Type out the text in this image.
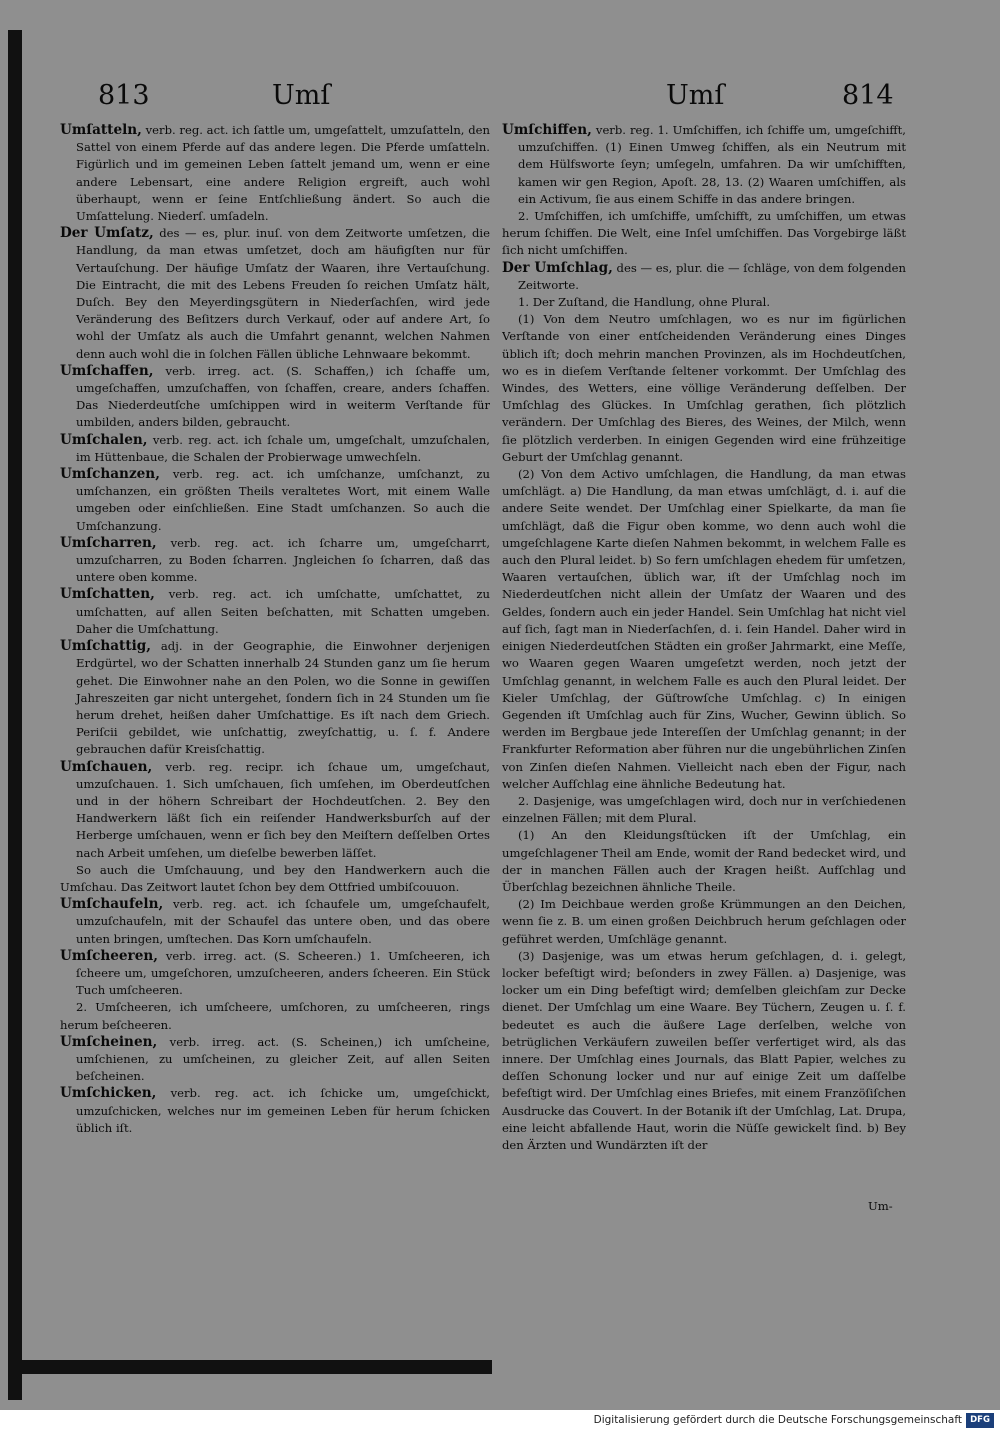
813	Umſ	Umſ	814

Umſatteln, verb. reg. act. ich ſattle um, umgeſattelt, umzuſatteln, den Sattel von einem Pferde auf das andere legen. Die Pferde umſatteln. Figürlich und im gemeinen Leben ſattelt jemand um, wenn er eine andere Lebensart, eine andere Religion ergreift, auch wohl überhaupt, wenn er ſeine Entſchließung ändert. So auch die Umſattelung. Niederſ. umſadeln.

Der Umſatz, des — es, plur. inuſ. von dem Zeitworte umſetzen, die Handlung, da man etwas umſetzet, doch am häufigſten nur für Vertauſchung. Der häufige Umſatz der Waaren, ihre Vertauſchung. Die Eintracht, die mit des Lebens Freuden ſo reichen Umſatz hält, Duſch. Bey den Meyerdingsgütern in Niederſachſen, wird jede Veränderung des Beſitzers durch Verkauf, oder auf andere Art, ſo wohl der Umſatz als auch die Umfahrt genannt, welchen Nahmen denn auch wohl die in ſolchen Fällen übliche Lehnwaare bekommt.

Umſchaffen, verb. irreg. act. (S. Schaffen,) ich ſchaffe um, umgeſchaffen, umzuſchaffen, von ſchaffen, creare, anders ſchaffen. Das Niederdeutſche umſchippen wird in weiterm Verſtande für umbilden, anders bilden, gebraucht.

Umſchalen, verb. reg. act. ich ſchale um, umgeſchalt, umzuſchalen, im Hüttenbaue, die Schalen der Probierwage umwechſeln.

Umſchanzen, verb. reg. act. ich umſchanze, umſchanzt, zu umſchanzen, ein größten Theils veraltetes Wort, mit einem Walle umgeben oder einſchließen. Eine Stadt umſchanzen. So auch die Umſchanzung.

Umſcharren, verb. reg. act. ich ſcharre um, umgeſcharrt, umzuſcharren, zu Boden ſcharren. Jngleichen ſo ſcharren, daß das untere oben komme.

Umſchatten, verb. reg. act. ich umſchatte, umſchattet, zu umſchatten, auf allen Seiten beſchatten, mit Schatten umgeben. Daher die Umſchattung.

Umſchattig, adj. in der Geographie, die Einwohner derjenigen Erdgürtel, wo der Schatten innerhalb 24 Stunden ganz um ſie herum gehet. Die Einwohner nahe an den Polen, wo die Sonne in gewiſſen Jahreszeiten gar nicht untergehet, ſondern ſich in 24 Stunden um ſie herum drehet, heißen daher Umſchattige. Es iſt nach dem Griech. Periſcii gebildet, wie unſchattig, zweyſchattig, u. ſ. f. Andere gebrauchen dafür Kreisſchattig.

Umſchauen, verb. reg. recipr. ich ſchaue um, umgeſchaut, umzuſchauen. 1. Sich umſchauen, ſich umſehen, im Oberdeutſchen und in der höhern Schreibart der Hochdeutſchen. 2. Bey den Handwerkern läßt ſich ein reiſender Handwerksburſch auf der Herberge umſchauen, wenn er ſich bey den Meiſtern deſſelben Ortes nach Arbeit umſehen, um dieſelbe bewerben läſſet.

So auch die Umſchauung, und bey den Handwerkern auch die Umſchau. Das Zeitwort lautet ſchon bey dem Ottfried umbiſcouuon.

Umſchaufeln, verb. reg. act. ich ſchaufele um, umgeſchaufelt, umzuſchaufeln, mit der Schaufel das untere oben, und das obere unten bringen, umſtechen. Das Korn umſchaufeln.

Umſcheeren, verb. irreg. act. (S. Scheeren.) 1. Umſcheeren, ich ſcheere um, umgeſchoren, umzuſcheeren, anders ſcheeren. Ein Stück Tuch umſcheeren.

2. Umſcheeren, ich umſcheere, umſchoren, zu umſcheeren, rings herum beſcheeren.

Umſcheinen, verb. irreg. act. (S. Scheinen,) ich umſcheine, umſchienen, zu umſcheinen, zu gleicher Zeit, auf allen Seiten beſcheinen.

Umſchicken, verb. reg. act. ich ſchicke um, umgeſchickt, umzuſchicken, welches nur im gemeinen Leben für herum ſchicken üblich iſt.

Umſchiffen, verb. reg. 1. Umſchiffen, ich ſchiffe um, umgeſchifft, umzuſchiffen. (1) Einen Umweg ſchiffen, als ein Neutrum mit dem Hülfsworte ſeyn; umſegeln, umfahren. Da wir umſchifften, kamen wir gen Region, Apoſt. 28, 13. (2) Waaren umſchiffen, als ein Activum, ſie aus einem Schiffe in das andere bringen.

2. Umſchiffen, ich umſchiffe, umſchifft, zu umſchiffen, um etwas herum ſchiffen. Die Welt, eine Inſel umſchiffen. Das Vorgebirge läßt ſich nicht umſchiffen.

Der Umſchlag, des — es, plur. die — ſchläge, von dem folgenden Zeitworte.

1. Der Zuſtand, die Handlung, ohne Plural.

(1) Von dem Neutro umſchlagen, wo es nur im figürlichen Verſtande von einer entſcheidenden Veränderung eines Dinges üblich iſt; doch mehrin manchen Provinzen, als im Hochdeutſchen, wo es in dieſem Verſtande ſeltener vorkommt. Der Umſchlag des Windes, des Wetters, eine völlige Veränderung deſſelben. Der Umſchlag des Glückes. In Umſchlag gerathen, ſich plötzlich verändern. Der Umſchlag des Bieres, des Weines, der Milch, wenn ſie plötzlich verderben. In einigen Gegenden wird eine frühzeitige Geburt der Umſchlag genannt.

(2) Von dem Activo umſchlagen, die Handlung, da man etwas umſchlägt. a) Die Handlung, da man etwas umſchlägt, d. i. auf die andere Seite wendet. Der Umſchlag einer Spielkarte, da man ſie umſchlägt, daß die Figur oben komme, wo denn auch wohl die umgeſchlagene Karte dieſen Nahmen bekommt, in welchem Falle es auch den Plural leidet. b) So fern umſchlagen ehedem für umſetzen, Waaren vertauſchen, üblich war, iſt der Umſchlag noch im Niederdeutſchen nicht allein der Umſatz der Waaren und des Geldes, ſondern auch ein jeder Handel. Sein Umſchlag hat nicht viel auf ſich, ſagt man in Niederſachſen, d. i. ſein Handel. Daher wird in einigen Niederdeutſchen Städten ein großer Jahrmarkt, eine Meſſe, wo Waaren gegen Waaren umgeſetzt werden, noch jetzt der Umſchlag genannt, in welchem Falle es auch den Plural leidet. Der Kieler Umſchlag, der Güſtrowſche Umſchlag. c) In einigen Gegenden iſt Umſchlag auch für Zins, Wucher, Gewinn üblich. So werden im Bergbaue jede Intereſſen der Umſchlag genannt; in der Frankfurter Reformation aber führen nur die ungebührlichen Zinſen von Zinſen dieſen Nahmen. Vielleicht nach eben der Figur, nach welcher Aufſchlag eine ähnliche Bedeutung hat.

2. Dasjenige, was umgeſchlagen wird, doch nur in verſchiedenen einzelnen Fällen; mit dem Plural.

(1) An den Kleidungsſtücken iſt der Umſchlag, ein umgeſchlagener Theil am Ende, womit der Rand bedecket wird, und der in manchen Fällen auch der Kragen heißt. Aufſchlag und Überſchlag bezeichnen ähnliche Theile.

(2) Im Deichbaue werden große Krümmungen an den Deichen, wenn ſie z. B. um einen großen Deichbruch herum geſchlagen oder geführet werden, Umſchläge genannt.

(3) Dasjenige, was um etwas herum geſchlagen, d. i. gelegt, locker befeſtigt wird; beſonders in zwey Fällen. a) Dasjenige, was locker um ein Ding befeſtigt wird; demſelben gleichſam zur Decke dienet. Der Umſchlag um eine Waare. Bey Tüchern, Zeugen u. ſ. f. bedeutet es auch die äußere Lage derſelben, welche von betrüglichen Verkäufern zuweilen beſſer verfertiget wird, als das innere. Der Umſchlag eines Journals, das Blatt Papier, welches zu deſſen Schonung locker und nur auf einige Zeit um daſſelbe befeſtigt wird. Der Umſchlag eines Briefes, mit einem Franzöſiſchen Ausdrucke das Couvert. In der Botanik iſt der Umſchlag, Lat. Drupa, eine leicht abfallende Haut, worin die Nüſſe gewickelt ſind. b) Bey den Ärzten und Wundärzten iſt der

Um-
Digitalisierung gefördert durch die Deutsche Forschungsgemeinschaft DFG
